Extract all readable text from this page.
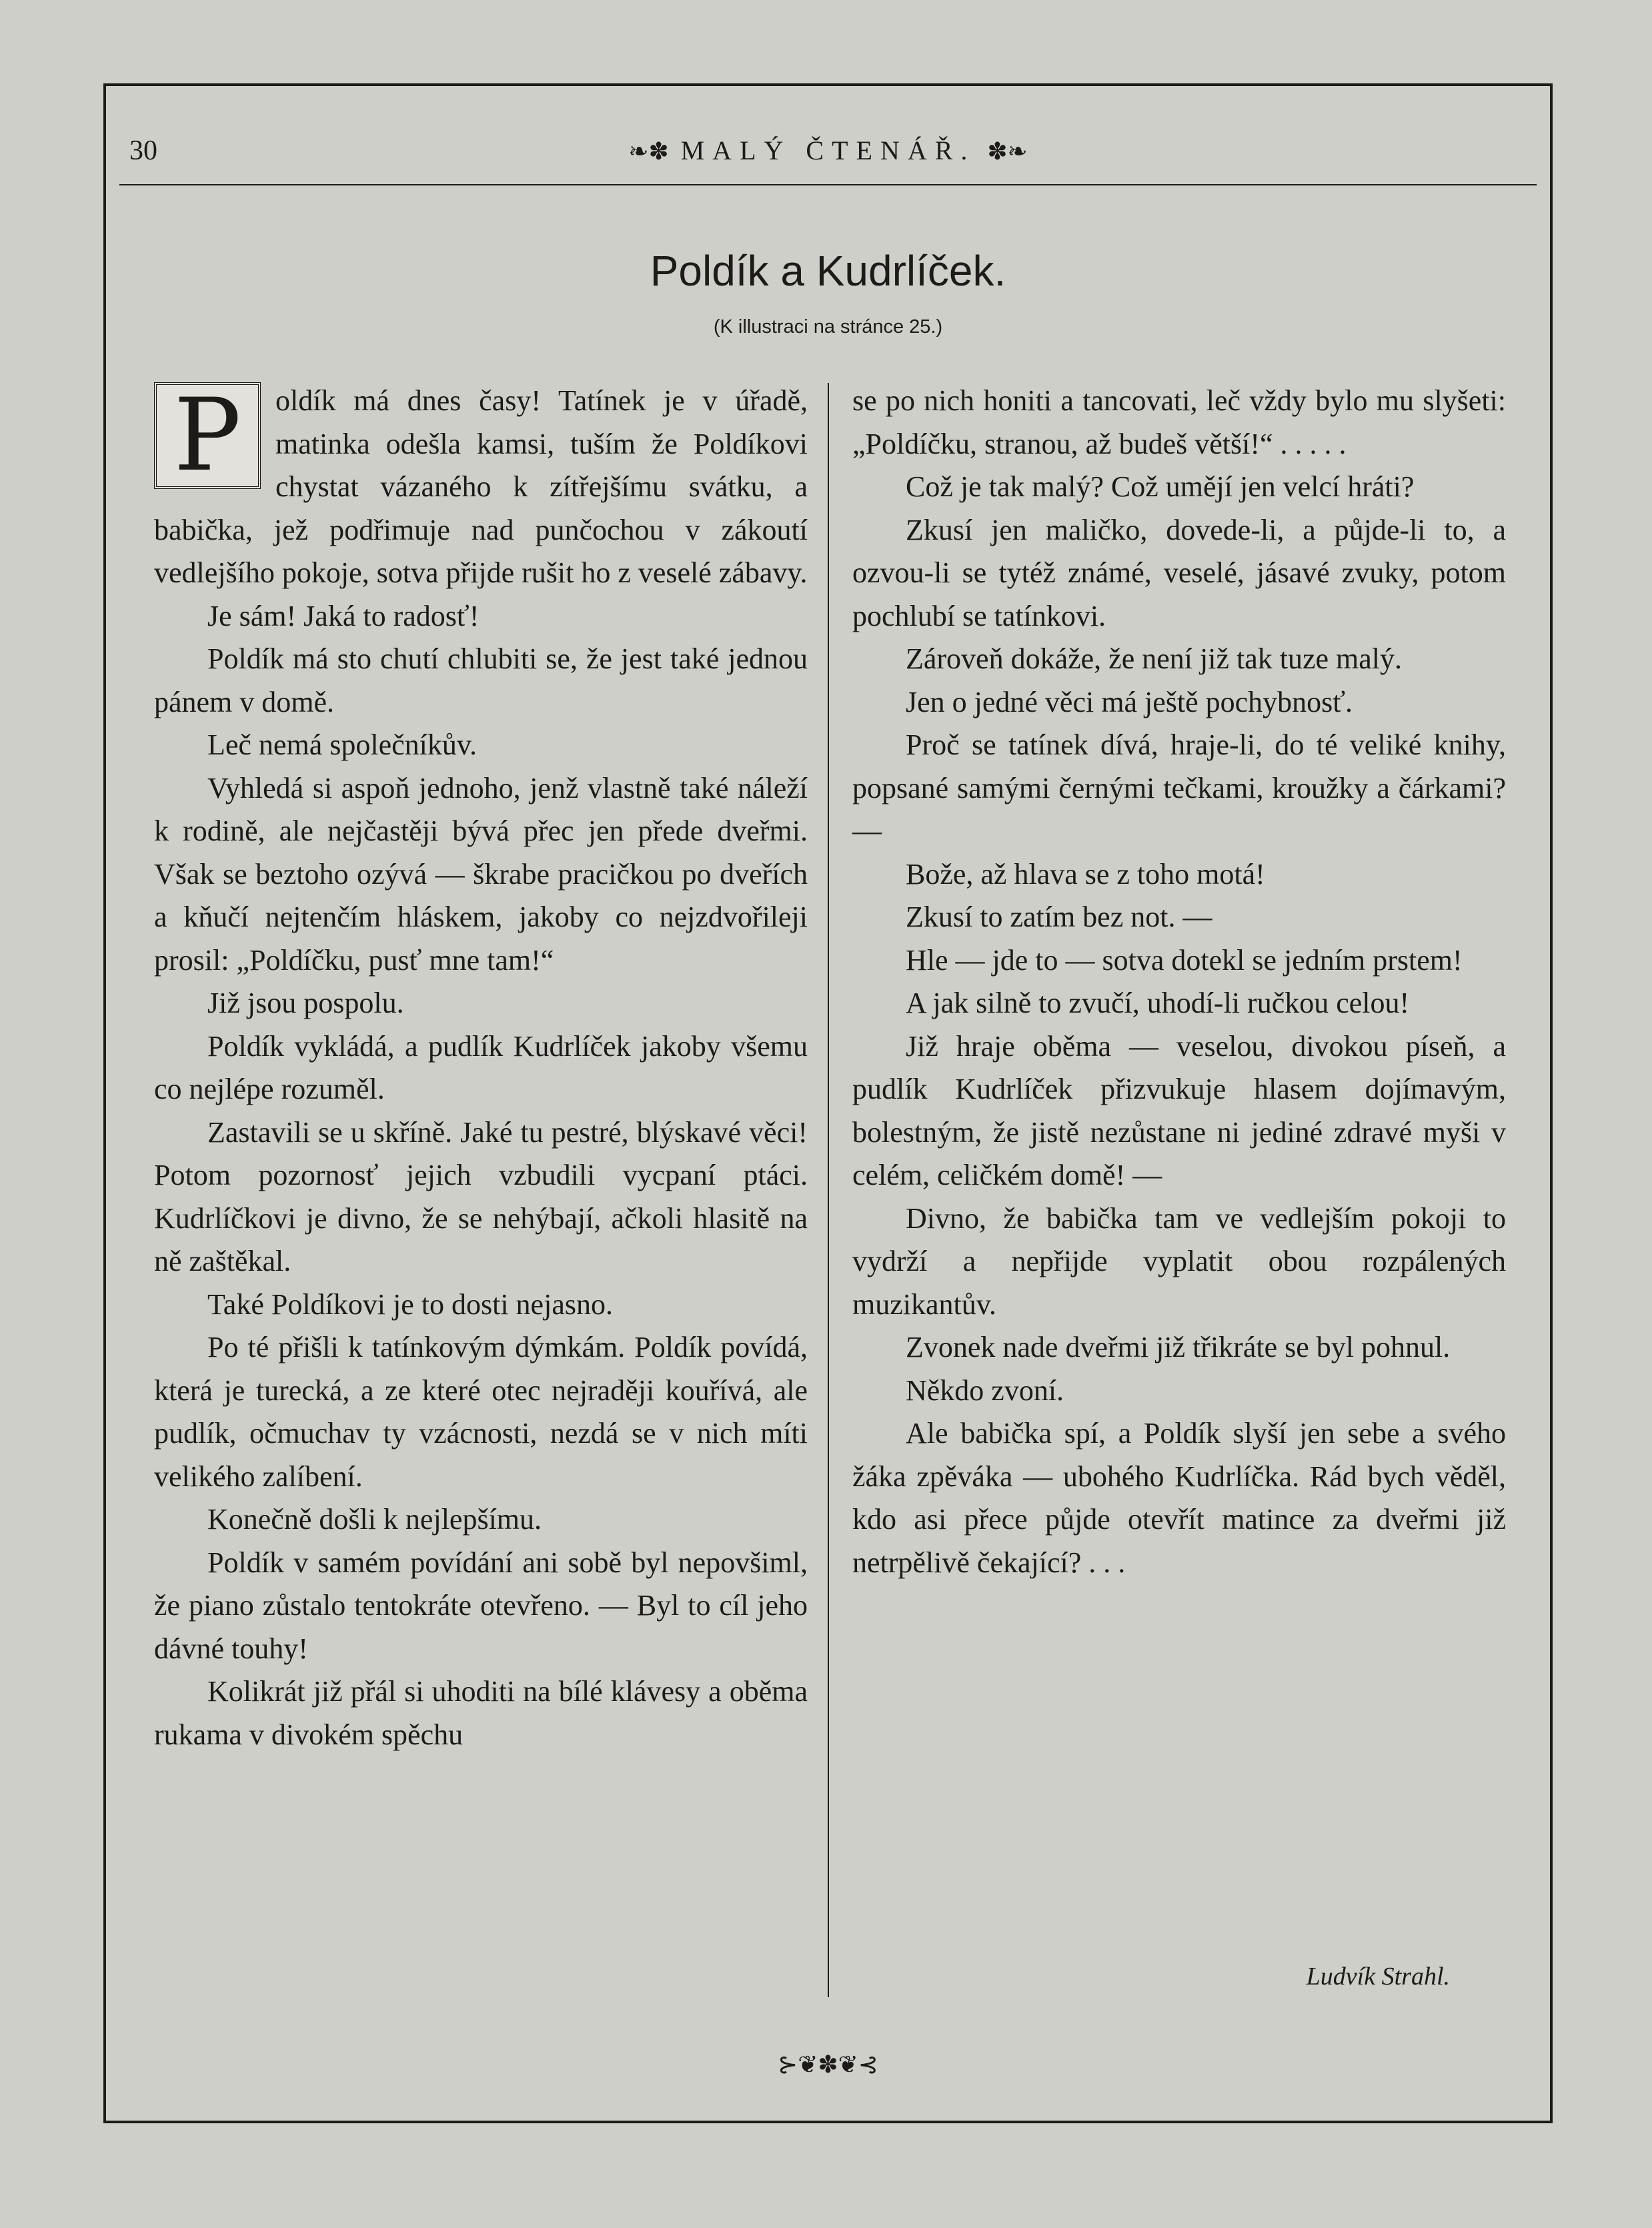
30	❧✽ MALÝ ČTENÁŘ. ✽❧
Poldík a Kudrlíček.
(K illustraci na stránce 25.)

P	oldík má dnes časy! Tatínek je v úřadě, matinka odešla kamsi, tuším že Poldíkovi chystat vázaného k zítřejšímu svátku, a babička, jež podřimuje nad punčochou v zákoutí vedlejšího pokoje, sotva přijde rušit ho z veselé zábavy.

Je sám! Jaká to radosť!

Poldík má sto chutí chlubiti se, že jest také jednou pánem v domě.

Leč nemá společníkův.

Vyhledá si aspoň jednoho, jenž vlastně také náleží k rodině, ale nejčastěji bývá přec jen přede dveřmi. Však se beztoho ozývá — škrabe pracičkou po dveřích a kňučí nejtenčím hláskem, jakoby co nejzdvořileji prosil: „Poldíčku, pusť mne tam!“

Již jsou pospolu.

Poldík vykládá, a pudlík Kudrlíček jakoby všemu co nejlépe rozuměl.

Zastavili se u skříně. Jaké tu pestré, blýskavé věci! Potom pozornosť jejich vzbudili vycpaní ptáci. Kudrlíčkovi je divno, že se nehýbají, ačkoli hlasitě na ně zaštěkal.

Také Poldíkovi je to dosti nejasno.

Po té přišli k tatínkovým dýmkám. Poldík povídá, která je turecká, a ze které otec nejraději kouřívá, ale pudlík, očmuchav ty vzácnosti, nezdá se v nich míti velikého zalíbení.

Konečně došli k nejlepšímu.

Poldík v samém povídání ani sobě byl nepovšiml, že piano zůstalo tentokráte otevřeno. — Byl to cíl jeho dávné touhy!

Kolikrát již přál si uhoditi na bílé klávesy a oběma rukama v divokém spěchu

se po nich honiti a tancovati, leč vždy bylo mu slyšeti: „Poldíčku, stranou, až budeš větší!“ . . . . .

Což je tak malý? Což umějí jen velcí hráti?

Zkusí jen maličko, dovede-li, a půjde-li to, a ozvou-li se tytéž známé, veselé, jásavé zvuky, potom pochlubí se tatínkovi.

Zároveň dokáže, že není již tak tuze malý.

Jen o jedné věci má ještě pochybnosť.

Proč se tatínek dívá, hraje-li, do té veliké knihy, popsané samými černými tečkami, kroužky a čárkami? —

Bože, až hlava se z toho motá!

Zkusí to zatím bez not. —

Hle — jde to — sotva dotekl se jedním prstem!

A jak silně to zvučí, uhodí-li ručkou celou!

Již hraje oběma — veselou, divokou píseň, a pudlík Kudrlíček přizvukuje hlasem dojímavým, bolestným, že jistě nezůstane ni jediné zdravé myši v celém, celičkém domě! —

Divno, že babička tam ve vedlejším pokoji to vydrží a nepřijde vyplatit obou rozpálených muzikantův.

Zvonek nade dveřmi již třikráte se byl pohnul.

Někdo zvoní.

Ale babička spí, a Poldík slyší jen sebe a svého žáka zpěváka — ubohého Kudrlíčka. Rád bych věděl, kdo asi přece půjde otevřít matince za dveřmi již netrpělivě čekající? . . .

Ludvík Strahl.
⊱❦✽❦⊰
